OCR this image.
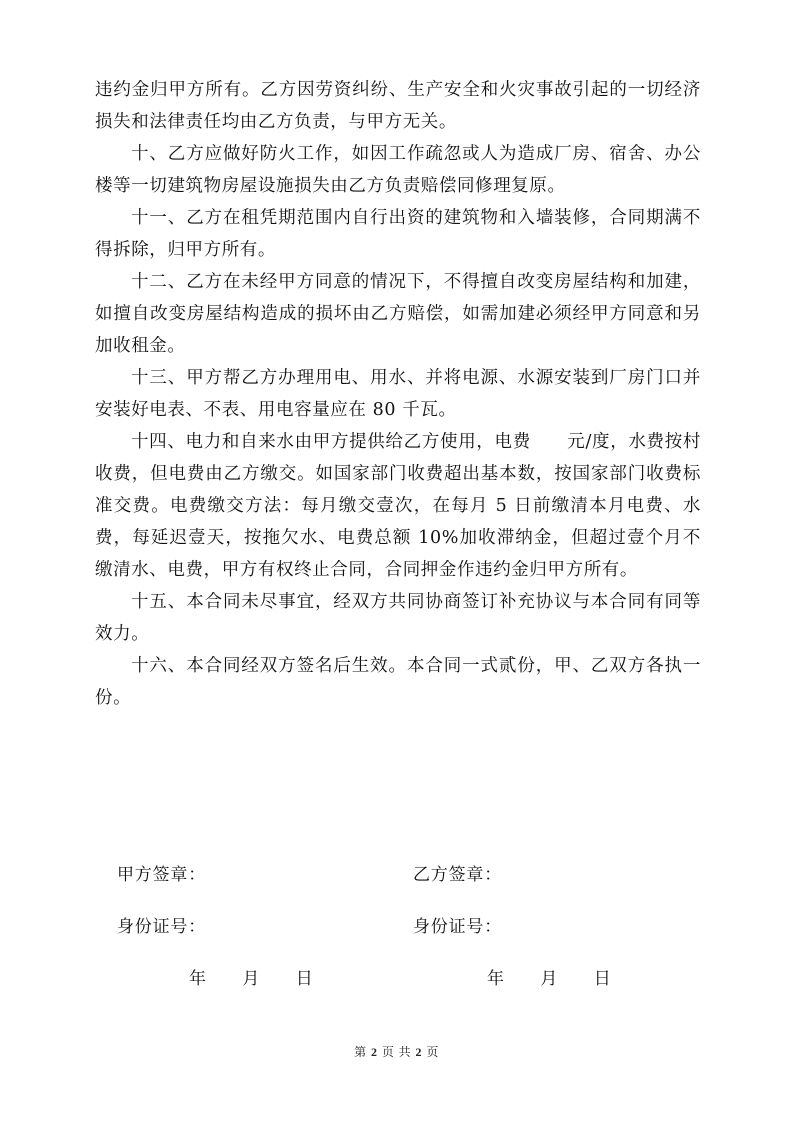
违约金归甲方所有。乙方因劳资纠纷、生产安全和火灾事故引起的一切经济损失和法律责任均由乙方负责，与甲方无关。

十、乙方应做好防火工作，如因工作疏忽或人为造成厂房、宿舍、办公楼等一切建筑物房屋设施损失由乙方负责赔偿同修理复原。

十一、乙方在租凭期范围内自行出资的建筑物和入墙装修，合同期满不得拆除，归甲方所有。

十二、乙方在未经甲方同意的情况下，不得擅自改变房屋结构和加建，如擅自改变房屋结构造成的损坏由乙方赔偿，如需加建必须经甲方同意和另加收租金。

十三、甲方帮乙方办理用电、用水、并将电源、水源安装到厂房门口并安装好电表、不表、用电容量应在 80 千瓦。

十四、电力和自来水由甲方提供给乙方使用，电费　　元/度，水费按村收费，但电费由乙方缴交。如国家部门收费超出基本数，按国家部门收费标准交费。电费缴交方法：每月缴交壹次，在每月 5 日前缴清本月电费、水费，每延迟壹天，按拖欠水、电费总额 10%加收滞纳金，但超过壹个月不缴清水、电费，甲方有权终止合同，合同押金作违约金归甲方所有。

十五、本合同未尽事宜，经双方共同协商签订补充协议与本合同有同等效力。

十六、本合同经双方签名后生效。本合同一式贰份，甲、乙双方各执一份。

甲方签章：	乙方签章：
身份证号：	身份证号：
年　　月　　日	年　　月　　日
第 2 页 共 2 页
